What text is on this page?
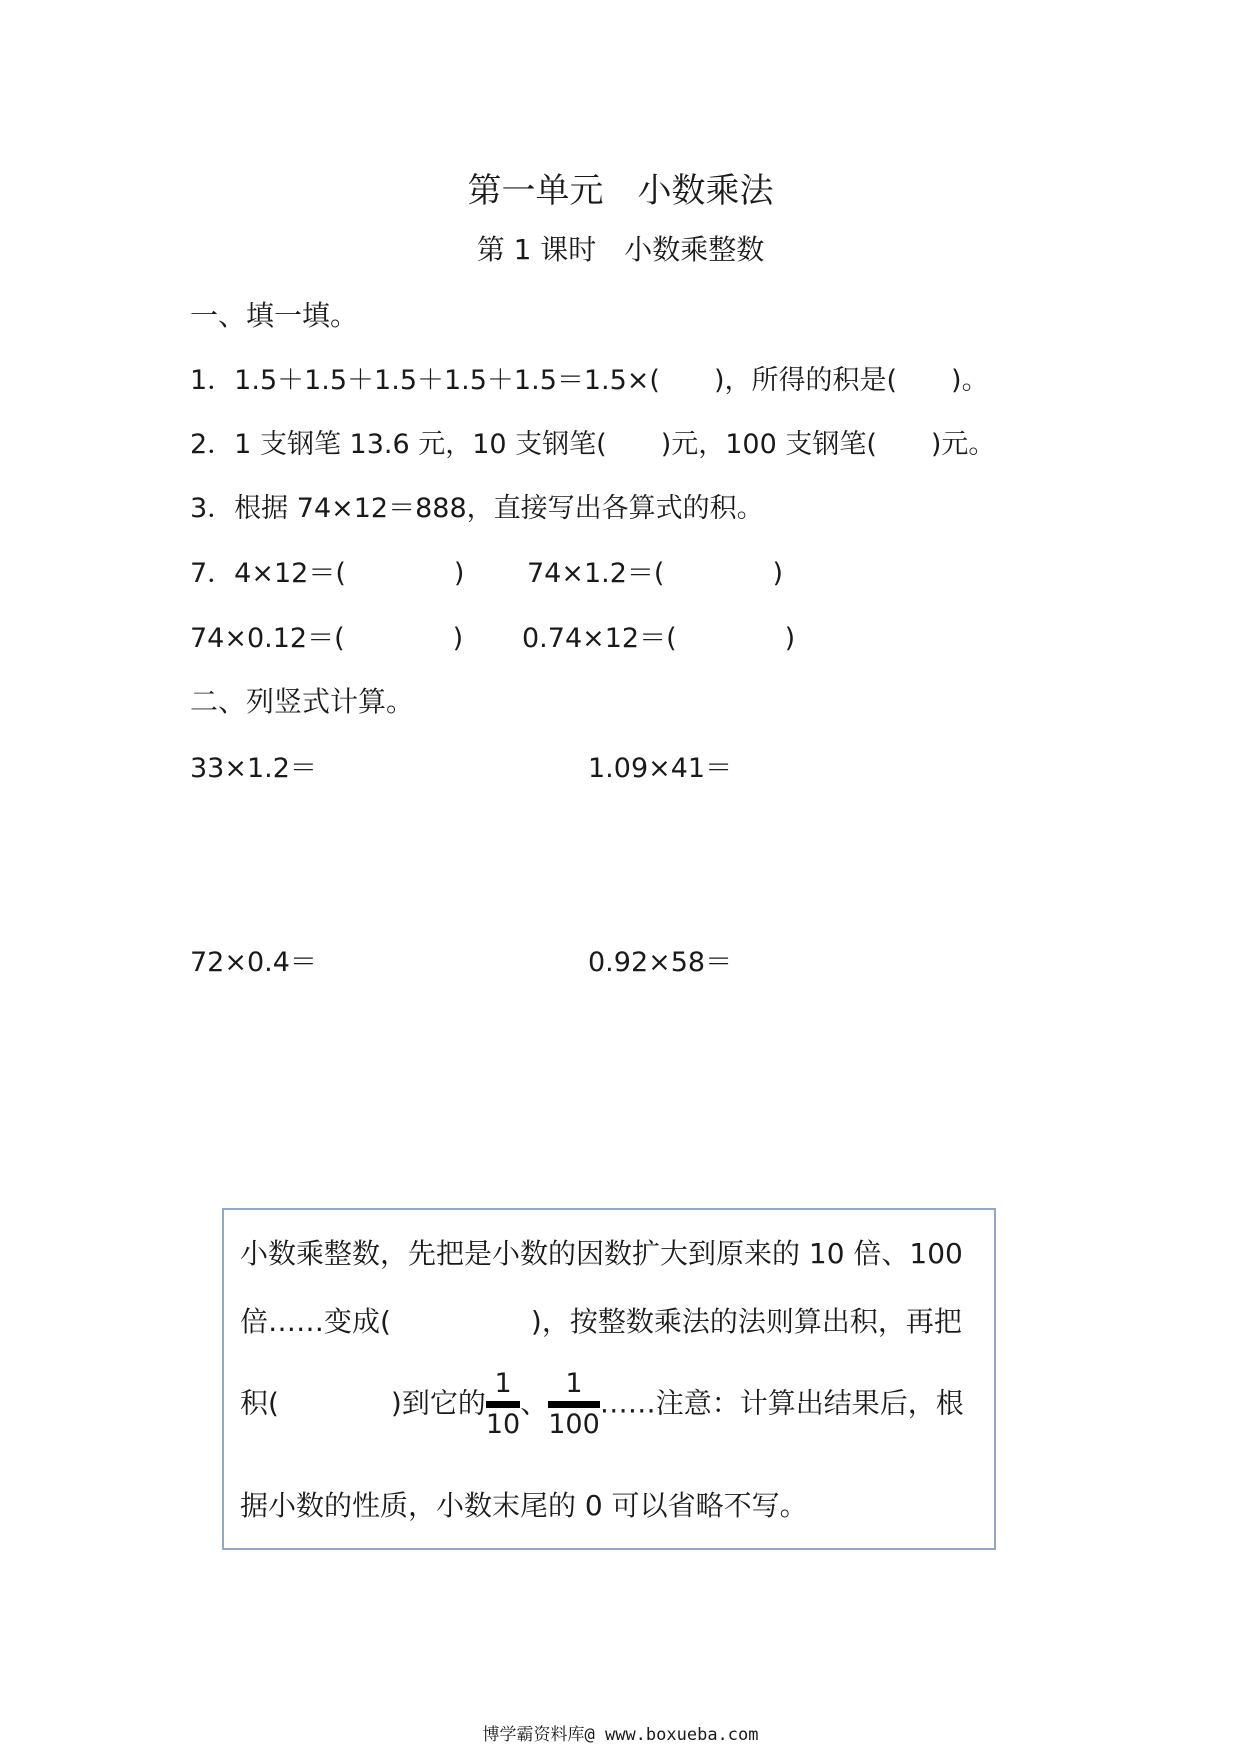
第一单元　小数乘法
第 1 课时　小数乘整数
一、填一填。
1．1.5＋1.5＋1.5＋1.5＋1.5＝1.5×(　　)，所得的积是(　　)。
2．1 支钢笔 13.6 元，10 支钢笔(　　)元，100 支钢笔(　　)元。
3．根据 74×12＝888，直接写出各算式的积。
7．4×12＝(　　　　) 74×1.2＝(　　　　)
74×0.12＝(　　　　) 0.74×12＝(　　　　)
二、列竖式计算。
33×1.2＝	1.09×41＝
72×0.4＝	0.92×58＝
小数乘整数，先把是小数的因数扩大到原来的 10 倍、100
倍……变成(　　　　　)，按整数乘法的法则算出积，再把
积(　　　　)到它的1
10、1
100……注意：计算出结果后，根
据小数的性质，小数末尾的 0 可以省略不写。
博学霸资料库@ www.boxueba.com
